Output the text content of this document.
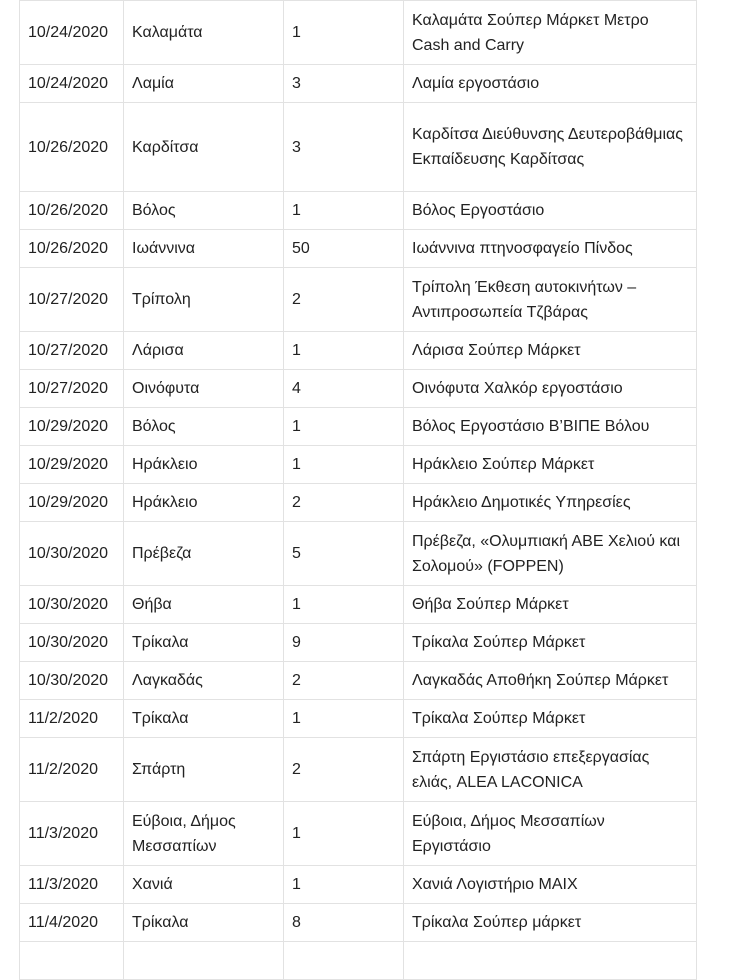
10/24/2020	Καλαμάτα	1	Καλαμάτα Σούπερ Μάρκετ Μετρο Cash and Carry
10/24/2020	Λαμία	3	Λαμία εργοστάσιο
10/26/2020	Καρδίτσα	3	Καρδίτσα Διεύθυνσης Δευτεροβάθμιας Εκπαίδευσης Καρδίτσας
10/26/2020	Βόλος	1	Βόλος Εργοστάσιο
10/26/2020	Ιωάννινα	50	Ιωάννινα πτηνοσφαγείο Πίνδος
10/27/2020	Τρίπολη	2	Τρίπολη Έκθεση αυτοκινήτων – Αντιπροσωπεία Τζβάρας
10/27/2020	Λάρισα	1	Λάρισα Σούπερ Μάρκετ
10/27/2020	Οινόφυτα	4	Οινόφυτα Χαλκόρ εργοστάσιο
10/29/2020	Βόλος	1	Βόλος Εργοστάσιο Β’ΒΙΠΕ Βόλου
10/29/2020	Ηράκλειο	1	Ηράκλειο Σούπερ Μάρκετ
10/29/2020	Ηράκλειο	2	Ηράκλειο Δημοτικές Υπηρεσίες
10/30/2020	Πρέβεζα	5	Πρέβεζα, «Ολυμπιακή ΑΒΕ Χελιού και Σολομού» (FOPPEN)
10/30/2020	Θήβα	1	Θήβα Σούπερ Μάρκετ
10/30/2020	Τρίκαλα	9	Τρίκαλα Σούπερ Μάρκετ
10/30/2020	Λαγκαδάς	2	Λαγκαδάς Αποθήκη Σούπερ Μάρκετ
11/2/2020	Τρίκαλα	1	Τρίκαλα Σούπερ Μάρκετ
11/2/2020	Σπάρτη	2	Σπάρτη Εργιστάσιο επεξεργασίας ελιάς, ALEA LACONICA
11/3/2020	Εύβοια, Δήμος Μεσσαπίων	1	Εύβοια, Δήμος Μεσσαπίων Εργιστάσιο
11/3/2020	Χανιά	1	Χανιά Λογιστήριο ΜΑΙΧ
11/4/2020	Τρίκαλα	8	Τρίκαλα Σούπερ μάρκετ
